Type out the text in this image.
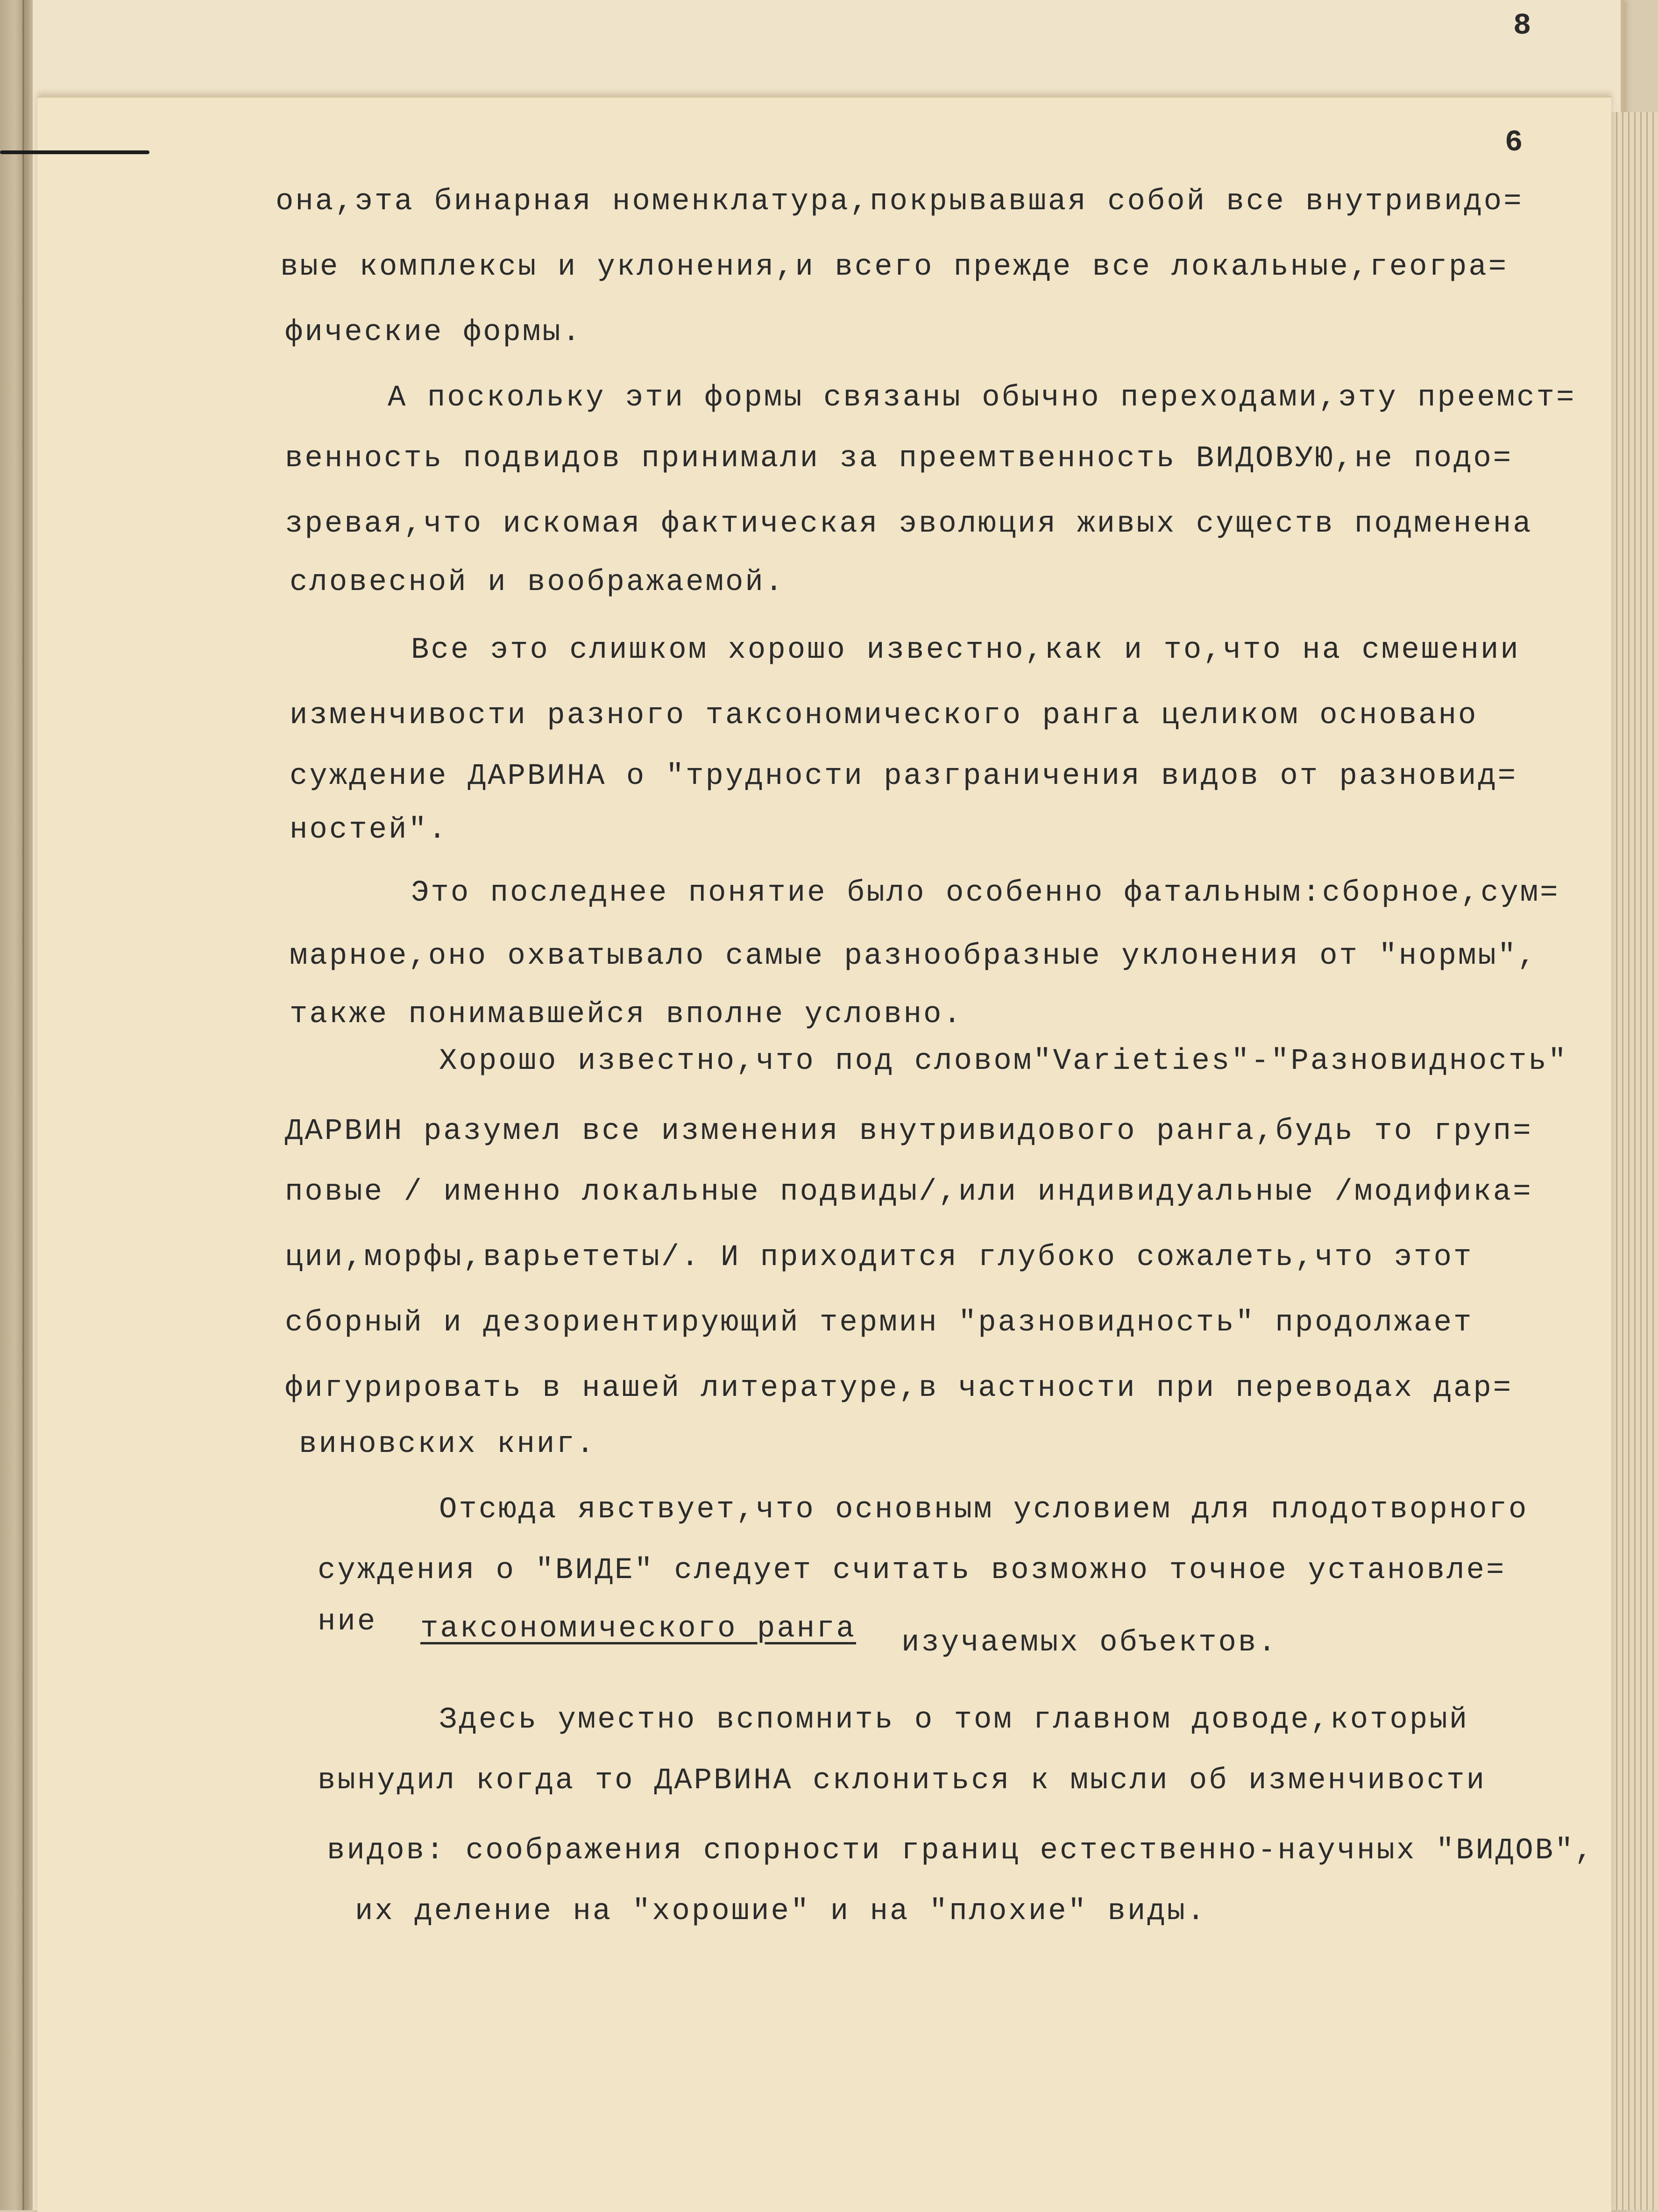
8
6

она,эта бинарная номенклатура,покрывавшая собой все внутривидо=

вые комплексы и уклонения,и всего прежде все локальные,геогра=

фические формы.

А поскольку эти формы связаны обычно переходами,эту преемст=

венность подвидов принимали за преемтвенность ВИДОВУЮ,не подо=

зревая,что искомая фактическая эволюция живых существ подменена

словесной и воображаемой.

Все это слишком хорошо известно,как и то,что на смешении

изменчивости разного таксономического ранга целиком основано

суждение ДАРВИНА о "трудности разграничения видов от разновид=

ностей".

Это последнее понятие было особенно фатальным:сборное,сум=

марное,оно охватывало самые разнообразные уклонения от "нормы",

также понимавшейся вполне условно.

Хорошо известно,что под словом"Varieties"-"Разновидность"

ДАРВИН разумел все изменения внутривидового ранга,будь то груп=

повые / именно локальные подвиды/,или индивидуальные /модифика=

ции,морфы,варьететы/. И приходится глубоко сожалеть,что этот

сборный и дезориентирующий термин "разновидность" продолжает

фигурировать в нашей литературе,в частности при переводах дар=

виновских книг.

Отсюда явствует,что основным условием для плодотворного

суждения о "ВИДЕ" следует считать возможно точное установле=

ние

таксономического ранга

изучаемых объектов.

Здесь уместно вспомнить о том главном доводе,который

вынудил когда то ДАРВИНА склониться к мысли об изменчивости

видов: соображения спорности границ естественно-научных "ВИДОВ",

их деление на "хорошие" и на "плохие" виды.
